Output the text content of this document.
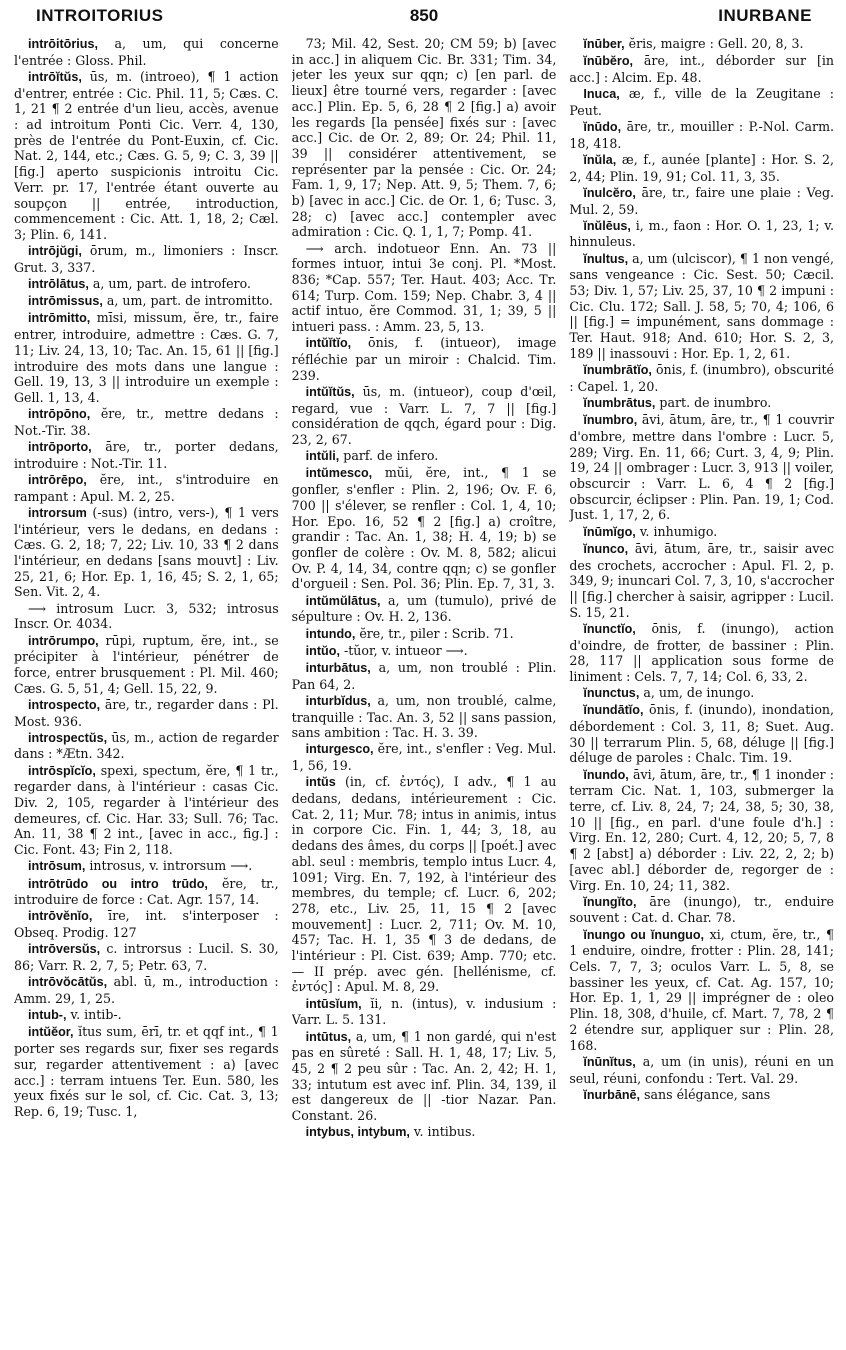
INTROITORIUS	850	INURBANE

intrōitōrius, a, um, qui concerne l'entrée : Gloss. Phil.

intrōĭtŭs, ūs, m. (introeo), ¶ 1 action d'entrer, entrée : Cic. Phil. 11, 5; Cæs. C. 1, 21 ¶ 2 entrée d'un lieu, accès, avenue : ad introitum Ponti Cic. Verr. 4, 130, près de l'entrée du Pont-Euxin, cf. Cic. Nat. 2, 144, etc.; Cæs. G. 5, 9; C. 3, 39 || [fig.] aperto suspicionis introitu Cic. Verr. pr. 17, l'entrée étant ouverte au soupçon || entrée, introduction, commencement : Cic. Att. 1, 18, 2; Cæl. 3; Plin. 6, 141.

intrōjŭgi, ōrum, m., limoniers : Inscr. Grut. 3, 337.

intrōlātus, a, um, part. de introfero.

intrōmissus, a, um, part. de intromitto.

intrōmitto, mīsi, missum, ĕre, tr., faire entrer, introduire, admettre : Cæs. G. 7, 11; Liv. 24, 13, 10; Tac. An. 15, 61 || [fig.] introduire des mots dans une langue : Gell. 19, 13, 3 || introduire un exemple : Gell. 1, 13, 4.

intrōpōno, ĕre, tr., mettre dedans : Not.-Tir. 38.

intrōporto, āre, tr., porter dedans, introduire : Not.-Tir. 11.

intrōrēpo, ĕre, int., s'introduire en rampant : Apul. M. 2, 25.

introrsum (-sus) (intro, vers-), ¶ 1 vers l'intérieur, vers le dedans, en dedans : Cæs. G. 2, 18; 7, 22; Liv. 10, 33 ¶ 2 dans l'intérieur, en dedans [sans mouvt] : Liv. 25, 21, 6; Hor. Ep. 1, 16, 45; S. 2, 1, 65; Sen. Vit. 2, 4.

⟶ introsum Lucr. 3, 532; introsus Inscr. Or. 4034.

intrōrumpo, rūpi, ruptum, ĕre, int., se précipiter à l'intérieur, pénétrer de force, entrer brusquement : Pl. Mil. 460; Cæs. G. 5, 51, 4; Gell. 15, 22, 9.

introspecto, āre, tr., regarder dans : Pl. Most. 936.

introspectŭs, ūs, m., action de regarder dans : *Ætn. 342.

intrōspĭcĭo, spexi, spectum, ĕre, ¶ 1 tr., regarder dans, à l'intérieur : casas Cic. Div. 2, 105, regarder à l'intérieur des demeures, cf. Cic. Har. 33; Sull. 76; Tac. An. 11, 38 ¶ 2 int., [avec in acc., fig.] : Cic. Font. 43; Fin 2, 118.

intrōsum, introsus, v. introrsum ⟶.

intrōtrūdo ou intro trūdo, ĕre, tr., introduire de force : Cat. Agr. 157, 14.

intrōvĕnĭo, īre, int. s'interposer : Obseq. Prodig. 127

intrōversŭs, c. introrsus : Lucil. S. 30, 86; Varr. R. 2, 7, 5; Petr. 63, 7.

intrōvŏcātŭs, abl. ū, m., introduction : Amm. 29, 1, 25.

intub-, v. intib-.

intŭĕor, ĭtus sum, ērī, tr. et qqf int., ¶ 1 porter ses regards sur, fixer ses regards sur, regarder attentivement : a) [avec acc.] : terram intuens Ter. Eun. 580, les yeux fixés sur le sol, cf. Cic. Cat. 3, 13; Rep. 6, 19; Tusc. 1,

73; Mil. 42, Sest. 20; CM 59; b) [avec in acc.] in aliquem Cic. Br. 331; Tim. 34, jeter les yeux sur qqn; c) [en parl. de lieux] être tourné vers, regarder : [avec acc.] Plin. Ep. 5, 6, 28 ¶ 2 [fig.] a) avoir les regards [la pensée] fixés sur : [avec acc.] Cic. de Or. 2, 89; Or. 24; Phil. 11, 39 || considérer attentivement, se représenter par la pensée : Cic. Or. 24; Fam. 1, 9, 17; Nep. Att. 9, 5; Them. 7, 6; b) [avec in acc.] Cic. de Or. 1, 6; Tusc. 3, 28; c) [avec acc.] contempler avec admiration : Cic. Q. 1, 1, 7; Pomp. 41.

⟶ arch. indotueor Enn. An. 73 || formes intuor, intui 3e conj. Pl. *Most. 836; *Cap. 557; Ter. Haut. 403; Acc. Tr. 614; Turp. Com. 159; Nep. Chabr. 3, 4 || actif intuo, ĕre Commod. 31, 1; 39, 5 || intueri pass. : Amm. 23, 5, 13.

intŭĭtĭo, ōnis, f. (intueor), image réfléchie par un miroir : Chalcid. Tim. 239.

intŭĭtŭs, ūs, m. (intueor), coup d'œil, regard, vue : Varr. L. 7, 7 || [fig.] considération de qqch, égard pour : Dig. 23, 2, 67.

intŭli, parf. de infero.

intŭmesco, mŭi, ĕre, int., ¶ 1 se gonfler, s'enfler : Plin. 2, 196; Ov. F. 6, 700 || s'élever, se renfler : Col. 1, 4, 10; Hor. Epo. 16, 52 ¶ 2 [fig.] a) croître, grandir : Tac. An. 1, 38; H. 4, 19; b) se gonfler de colère : Ov. M. 8, 582; alicui Ov. P. 4, 14, 34, contre qqn; c) se gonfler d'orgueil : Sen. Pol. 36; Plin. Ep. 7, 31, 3.

intŭmŭlātus, a, um (tumulo), privé de sépulture : Ov. H. 2, 136.

intundo, ĕre, tr., piler : Scrib. 71.

intŭo, -tŭor, v. intueor ⟶.

inturbātus, a, um, non troublé : Plin. Pan 64, 2.

inturbĭdus, a, um, non troublé, calme, tranquille : Tac. An. 3, 52 || sans passion, sans ambition : Tac. H. 3. 39.

inturgesco, ĕre, int., s'enfler : Veg. Mul. 1, 56, 19.

intŭs (in, cf. ἐντός), I adv., ¶ 1 au dedans, dedans, intérieurement : Cic. Cat. 2, 11; Mur. 78; intus in animis, intus in corpore Cic. Fin. 1, 44; 3, 18, au dedans des âmes, du corps || [poét.] avec abl. seul : membris, templo intus Lucr. 4, 1091; Virg. En. 7, 192, à l'intérieur des membres, du temple; cf. Lucr. 6, 202; 278, etc., Liv. 25, 11, 15 ¶ 2 [avec mouvement] : Lucr. 2, 711; Ov. M. 10, 457; Tac. H. 1, 35 ¶ 3 de dedans, de l'intérieur : Pl. Cist. 639; Amp. 770; etc. — II prép. avec gén. [hellénisme, cf. ἐντός] : Apul. M. 8, 29.

intūsĭum, ĭi, n. (intus), v. indusium : Varr. L. 5. 131.

intūtus, a, um, ¶ 1 non gardé, qui n'est pas en sûreté : Sall. H. 1, 48, 17; Liv. 5, 45, 2 ¶ 2 peu sûr : Tac. An. 2, 42; H. 1, 33; intutum est avec inf. Plin. 34, 139, il est dangereux de || -tior Nazar. Pan. Constant. 26.

intybus, intybum, v. intibus.

ĭnūber, ĕris, maigre : Gell. 20, 8, 3.

ĭnūbĕro, āre, int., déborder sur [in acc.] : Alcim. Ep. 48.

Inuca, æ, f., ville de la Zeugitane : Peut.

ĭnūdo, āre, tr., mouiller : P.-Nol. Carm. 18, 418.

ĭnŭla, æ, f., aunée [plante] : Hor. S. 2, 2, 44; Plin. 19, 91; Col. 11, 3, 35.

ĭnulcĕro, āre, tr., faire une plaie : Veg. Mul. 2, 59.

ĭnŭlēus, i, m., faon : Hor. O. 1, 23, 1; v. hinnuleus.

ĭnultus, a, um (ulciscor), ¶ 1 non vengé, sans vengeance : Cic. Sest. 50; Cæcil. 53; Div. 1, 57; Liv. 25, 37, 10 ¶ 2 impuni : Cic. Clu. 172; Sall. J. 58, 5; 70, 4; 106, 6 || [fig.] = impunément, sans dommage : Ter. Haut. 918; And. 610; Hor. S. 2, 3, 189 || inassouvi : Hor. Ep. 1, 2, 61.

ĭnumbrātĭo, ōnis, f. (inumbro), obscurité : Capel. 1, 20.

ĭnumbrātus, part. de inumbro.

ĭnumbro, āvi, ātum, āre, tr., ¶ 1 couvrir d'ombre, mettre dans l'ombre : Lucr. 5, 289; Virg. En. 11, 66; Curt. 3, 4, 9; Plin. 19, 24 || ombrager : Lucr. 3, 913 || voiler, obscurcir : Varr. L. 6, 4 ¶ 2 [fig.] obscurcir, éclipser : Plin. Pan. 19, 1; Cod. Just. 1, 17, 2, 6.

ĭnūmĭgo, v. inhumigo.

ĭnunco, āvi, ātum, āre, tr., saisir avec des crochets, accrocher : Apul. Fl. 2, p. 349, 9; inuncari Col. 7, 3, 10, s'accrocher || [fig.] chercher à saisir, agripper : Lucil. S. 15, 21.

ĭnunctĭo, ōnis, f. (inungo), action d'oindre, de frotter, de bassiner : Plin. 28, 117 || application sous forme de liniment : Cels. 7, 7, 14; Col. 6, 33, 2.

ĭnunctus, a, um, de inungo.

ĭnundātĭo, ōnis, f. (inundo), inondation, débordement : Col. 3, 11, 8; Suet. Aug. 30 || terrarum Plin. 5, 68, déluge || [fig.] déluge de paroles : Chalc. Tim. 19.

ĭnundo, āvi, ātum, āre, tr., ¶ 1 inonder : terram Cic. Nat. 1, 103, submerger la terre, cf. Liv. 8, 24, 7; 24, 38, 5; 30, 38, 10 || [fig., en parl. d'une foule d'h.] : Virg. En. 12, 280; Curt. 4, 12, 20; 5, 7, 8 ¶ 2 [abst] a) déborder : Liv. 22, 2, 2; b) [avec abl.] déborder de, regorger de : Virg. En. 10, 24; 11, 382.

ĭnungĭto, āre (inungo), tr., enduire souvent : Cat. d. Char. 78.

ĭnungo ou ĭnunguo, xi, ctum, ĕre, tr., ¶ 1 enduire, oindre, frotter : Plin. 28, 141; Cels. 7, 7, 3; oculos Varr. L. 5, 8, se bassiner les yeux, cf. Cat. Ag. 157, 10; Hor. Ep. 1, 1, 29 || imprégner de : oleo Plin. 18, 308, d'huile, cf. Mart. 7, 78, 2 ¶ 2 étendre sur, appliquer sur : Plin. 28, 168.

ĭnūnĭtus, a, um (in unis), réuni en un seul, réuni, confondu : Tert. Val. 29.

ĭnurbānē, sans élégance, sans
